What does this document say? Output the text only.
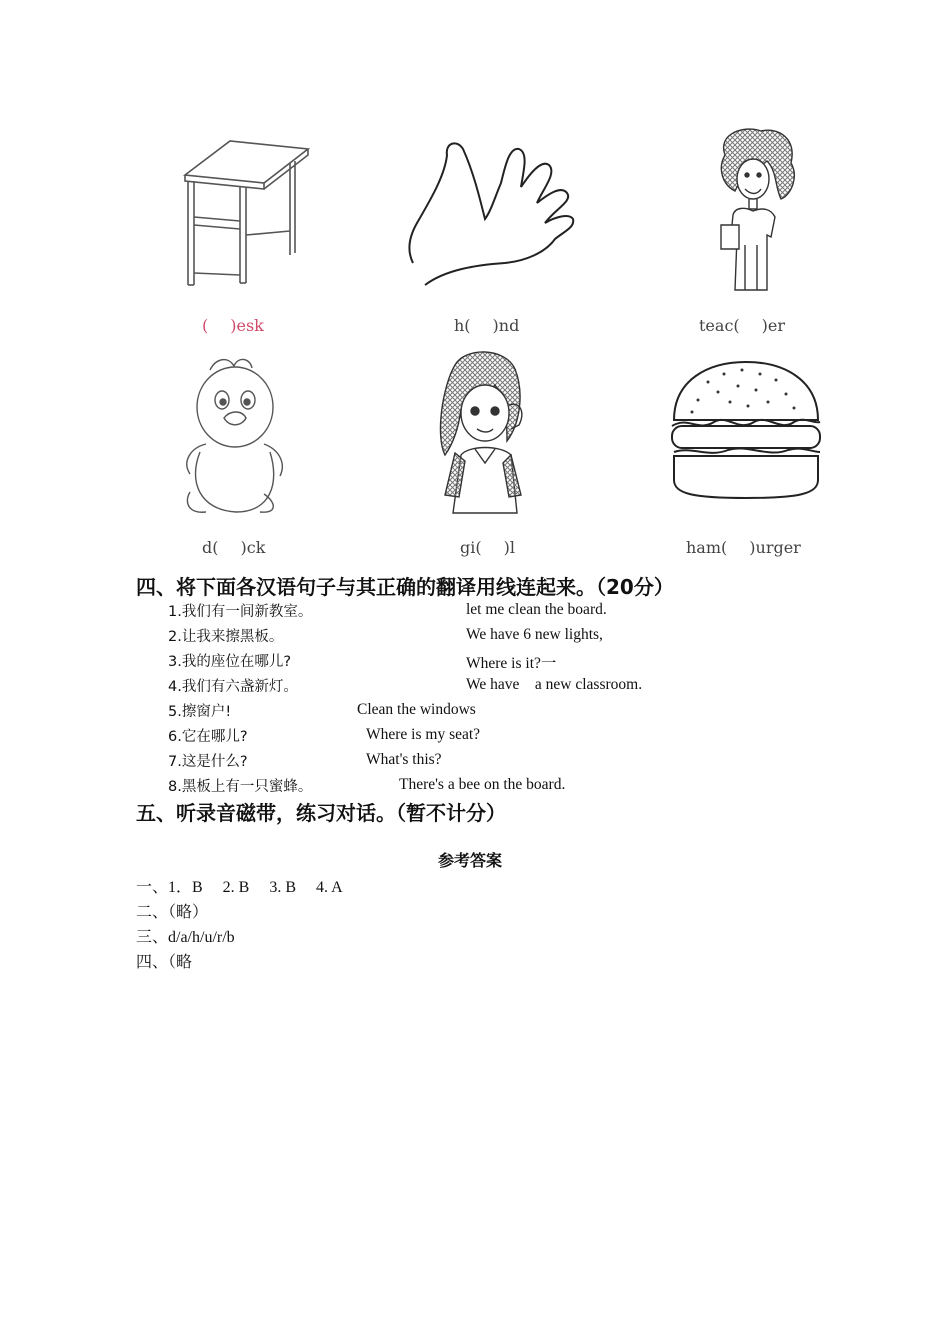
( )esk	h( )nd	teac( )er
d( )ck	gi( )l	ham( )urger
四、将下面各汉语句子与其正确的翻译用线连起来。（20分）
1.我们有一间新教室。
2.让我来擦黑板。
3.我的座位在哪儿?
4.我们有六盏新灯。
5.擦窗户!
6.它在哪儿?
7.这是什么?
8.黑板上有一只蜜蜂。
let me clean the board.
We have 6 new lights,
Where is it?一
We have    a new classroom.
Clean the windows
Where is my seat?
What's this?
There's a bee on the board.
五、听录音磁带，练习对话。（暂不计分）
参考答案
一、1．B     2. B     3. B     4. A
二、（略）
三、d/a/h/u/r/b
四、（略
